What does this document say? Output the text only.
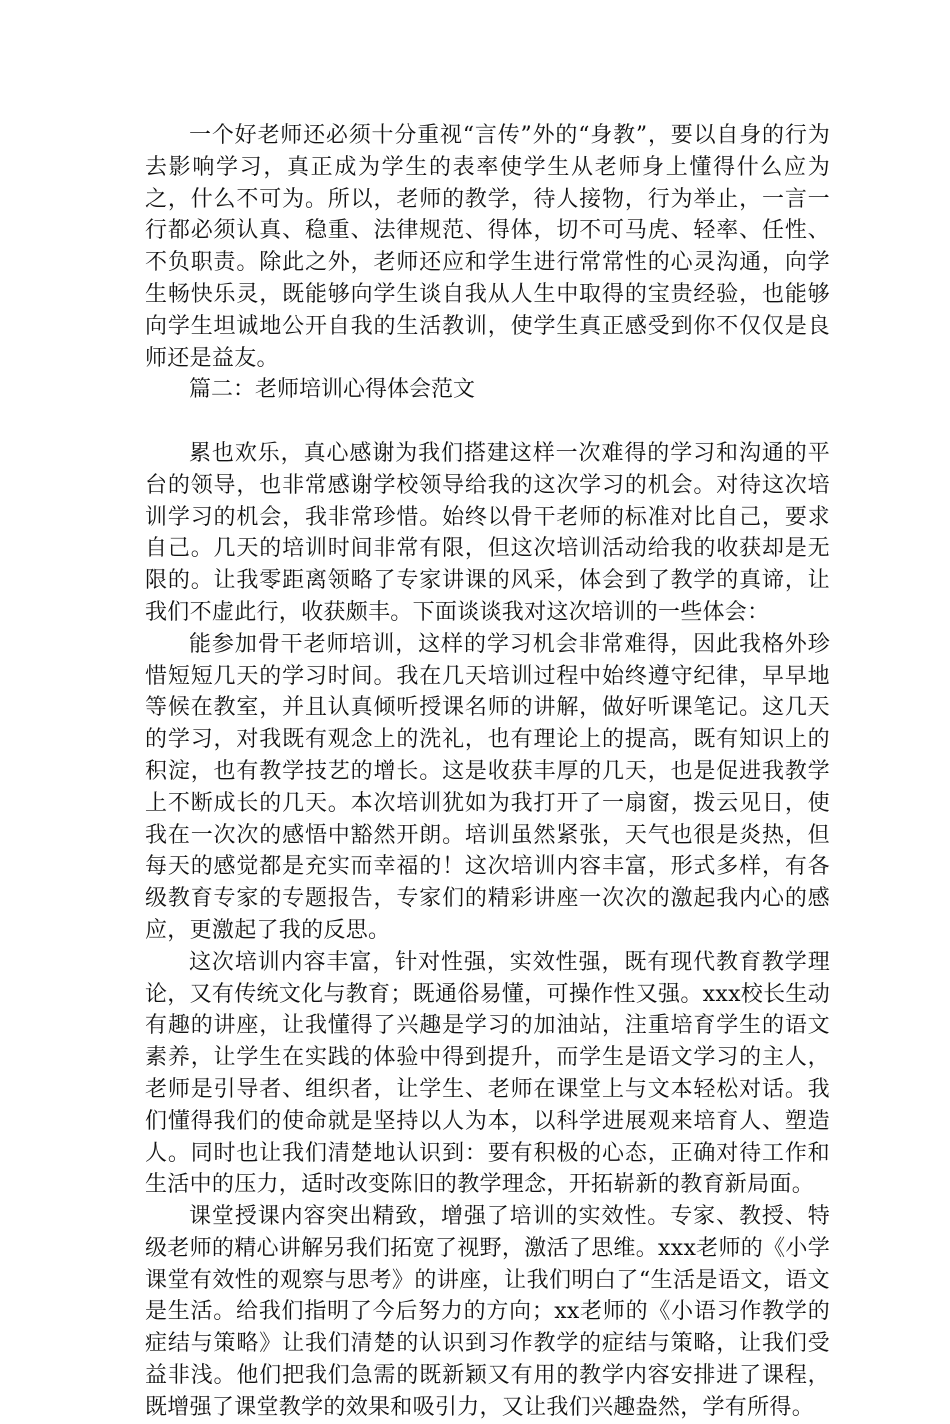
一个好老师还必须十分重视“言传”外的“身教”，要以自身的行为去影响学习，真正成为学生的表率使学生从老师身上懂得什么应为之，什么不可为。所以，老师的教学，待人接物，行为举止，一言一行都必须认真、稳重、法律规范、得体，切不可马虎、轻率、任性、不负职责。除此之外，老师还应和学生进行常常性的心灵沟通，向学生畅快乐灵，既能够向学生谈自我从人生中取得的宝贵经验，也能够向学生坦诚地公开自我的生活教训，使学生真正感受到你不仅仅是良师还是益友。

篇二：老师培训心得体会范文

累也欢乐，真心感谢为我们搭建这样一次难得的学习和沟通的平台的领导，也非常感谢学校领导给我的这次学习的机会。对待这次培训学习的机会，我非常珍惜。始终以骨干老师的标准对比自己，要求自己。几天的培训时间非常有限，但这次培训活动给我的收获却是无限的。让我零距离领略了专家讲课的风采，体会到了教学的真谛，让我们不虚此行，收获颇丰。下面谈谈我对这次培训的一些体会：

能参加骨干老师培训，这样的学习机会非常难得，因此我格外珍惜短短几天的学习时间。我在几天培训过程中始终遵守纪律，早早地等候在教室，并且认真倾听授课名师的讲解，做好听课笔记。这几天的学习，对我既有观念上的洗礼，也有理论上的提高，既有知识上的积淀，也有教学技艺的增长。这是收获丰厚的几天，也是促进我教学上不断成长的几天。本次培训犹如为我打开了一扇窗，拨云见日，使我在一次次的感悟中豁然开朗。培训虽然紧张，天气也很是炎热，但每天的感觉都是充实而幸福的！这次培训内容丰富，形式多样，有各级教育专家的专题报告，专家们的精彩讲座一次次的激起我内心的感应，更激起了我的反思。

这次培训内容丰富，针对性强，实效性强，既有现代教育教学理论，又有传统文化与教育；既通俗易懂，可操作性又强。xxx校长生动有趣的讲座，让我懂得了兴趣是学习的加油站，注重培育学生的语文素养，让学生在实践的体验中得到提升，而学生是语文学习的主人，老师是引导者、组织者，让学生、老师在课堂上与文本轻松对话。我们懂得我们的使命就是坚持以人为本，以科学进展观来培育人、塑造人。同时也让我们清楚地认识到：要有积极的心态，正确对待工作和生活中的压力，适时改变陈旧的教学理念，开拓崭新的教育新局面。

课堂授课内容突出精致，增强了培训的实效性。专家、教授、特级老师的精心讲解另我们拓宽了视野，激活了思维。xxx老师的《小学课堂有效性的观察与思考》的讲座，让我们明白了“生活是语文，语文是生活。给我们指明了今后努力的方向；xx老师的《小语习作教学的症结与策略》让我们清楚的认识到习作教学的症结与策略，让我们受益非浅。他们把我们急需的既新颖又有用的教学内容安排进了课程，既增强了课堂教学的效果和吸引力，又让我们兴趣盎然，学有所得。
